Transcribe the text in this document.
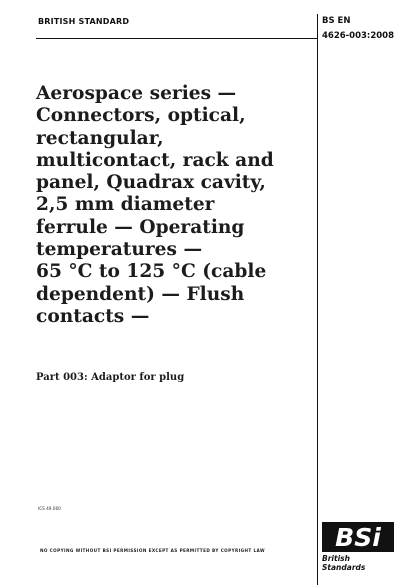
BRITISH STANDARD	BS EN
4626-003:2008
Aerospace series —
Connectors, optical,
rectangular,
multicontact, rack and
panel, Quadrax cavity,
2,5 mm diameter
ferrule — Operating
temperatures —
65 °C to 125 °C (cable
dependent) — Flush
contacts —
Part 003: Adaptor for plug
ICS 49.060
NO COPYING WITHOUT BSI PERMISSION EXCEPT AS PERMITTED BY COPYRIGHT LAW	BSi
British Standards
